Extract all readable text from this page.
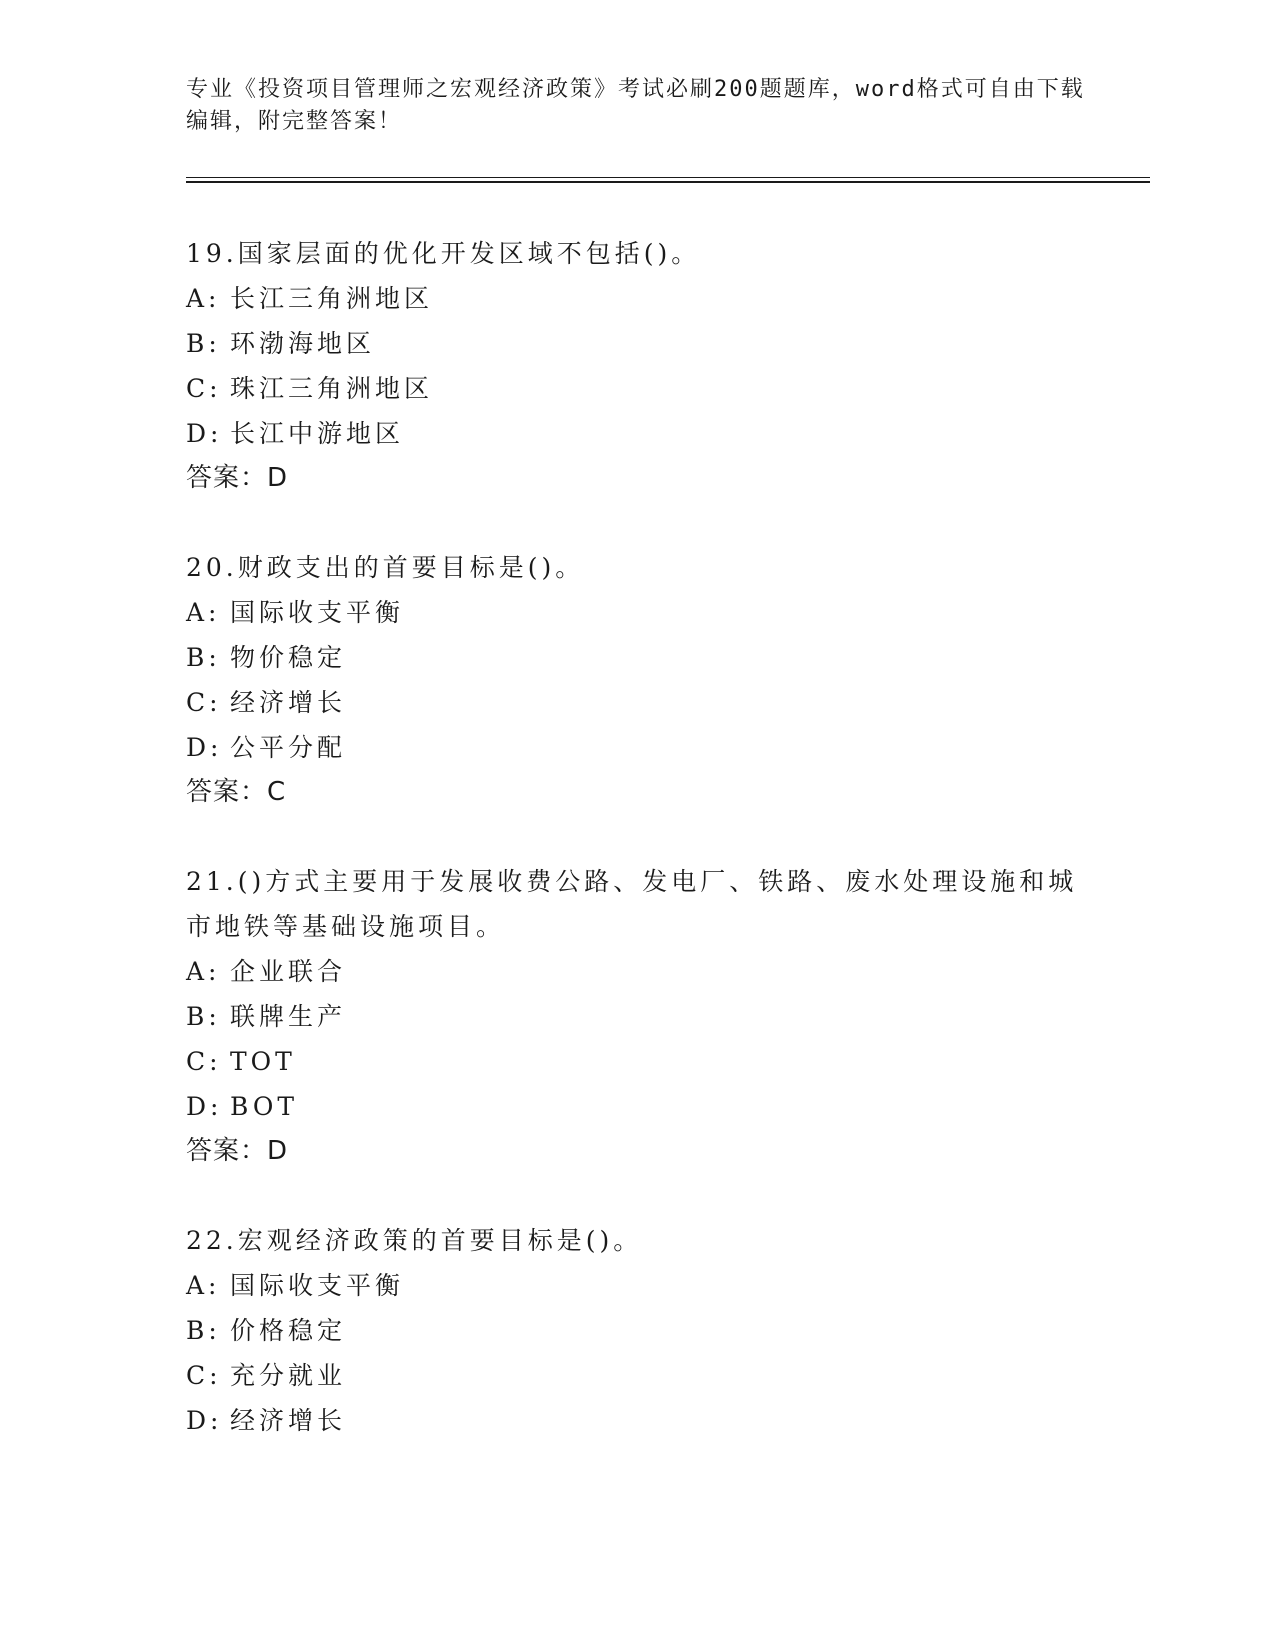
专业《投资项目管理师之宏观经济政策》考试必刷200题题库，word格式可自由下载编辑，附完整答案！
19.国家层面的优化开发区域不包括()。
A: 长江三角洲地区
B: 环渤海地区
C: 珠江三角洲地区
D: 长江中游地区
答案：D
20.财政支出的首要目标是()。
A: 国际收支平衡
B: 物价稳定
C: 经济增长
D: 公平分配
答案：C
21.()方式主要用于发展收费公路、发电厂、铁路、废水处理设施和城市地铁等基础设施项目。
A: 企业联合
B: 联牌生产
C: TOT
D: BOT
答案：D
22.宏观经济政策的首要目标是()。
A: 国际收支平衡
B: 价格稳定
C: 充分就业
D: 经济增长
